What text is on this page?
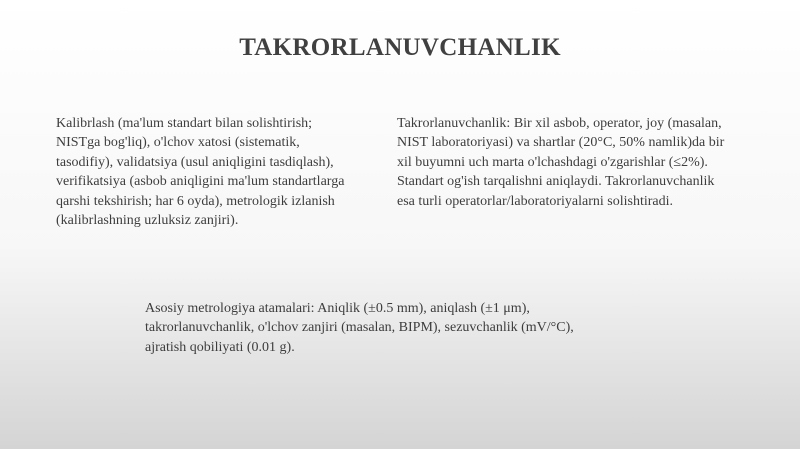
TAKRORLANUVCHANLIK
Kalibrlash (ma'lum standart bilan solishtirish;
NISTga bog'liq), o'lchov xatosi (sistematik,
tasodifiy), validatsiya (usul aniqligini tasdiqlash),
verifikatsiya (asbob aniqligini ma'lum standartlarga
qarshi tekshirish; har 6 oyda), metrologik izlanish
(kalibrlashning uzluksiz zanjiri).
Takrorlanuvchanlik: Bir xil asbob, operator, joy (masalan,
NIST laboratoriyasi) va shartlar (20°C, 50% namlik)da bir
xil buyumni uch marta o'lchashdagi o'zgarishlar (≤2%).
Standart og'ish tarqalishni aniqlaydi. Takrorlanuvchanlik
esa turli operatorlar/laboratoriyalarni solishtiradi.
Asosiy metrologiya atamalari: Aniqlik (±0.5 mm), aniqlash (±1 μm),
takrorlanuvchanlik, o'lchov zanjiri (masalan, BIPM), sezuvchanlik (mV/°C),
ajratish qobiliyati (0.01 g).
